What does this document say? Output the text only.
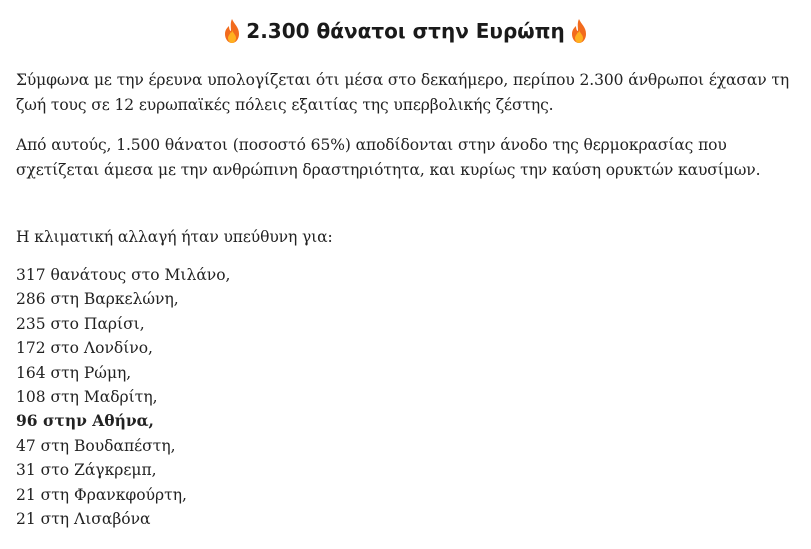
2.300 θάνατοι στην Ευρώπη

Σύμφωνα με την έρευνα υπολογίζεται ότι μέσα στο δεκαήμερο, περίπου 2.300 άνθρωποι έχασαν τη ζωή τους σε 12 ευρωπαϊκές πόλεις εξαιτίας της υπερβολικής ζέστης.

Από αυτούς, 1.500 θάνατοι (ποσοστό 65%) αποδίδονται στην άνοδο της θερμοκρασίας που σχετίζεται άμεσα με την ανθρώπινη δραστηριότητα, και κυρίως την καύση ορυκτών καυσίμων.

Η κλιματική αλλαγή ήταν υπεύθυνη για:

317 θανάτους στο Μιλάνο,
286 στη Βαρκελώνη,
235 στο Παρίσι,
172 στο Λονδίνο,
164 στη Ρώμη,
108 στη Μαδρίτη,
96 στην Αθήνα,
47 στη Βουδαπέστη,
31 στο Ζάγκρεμπ,
21 στη Φρανκφούρτη,
21 στη Λισαβόνα
